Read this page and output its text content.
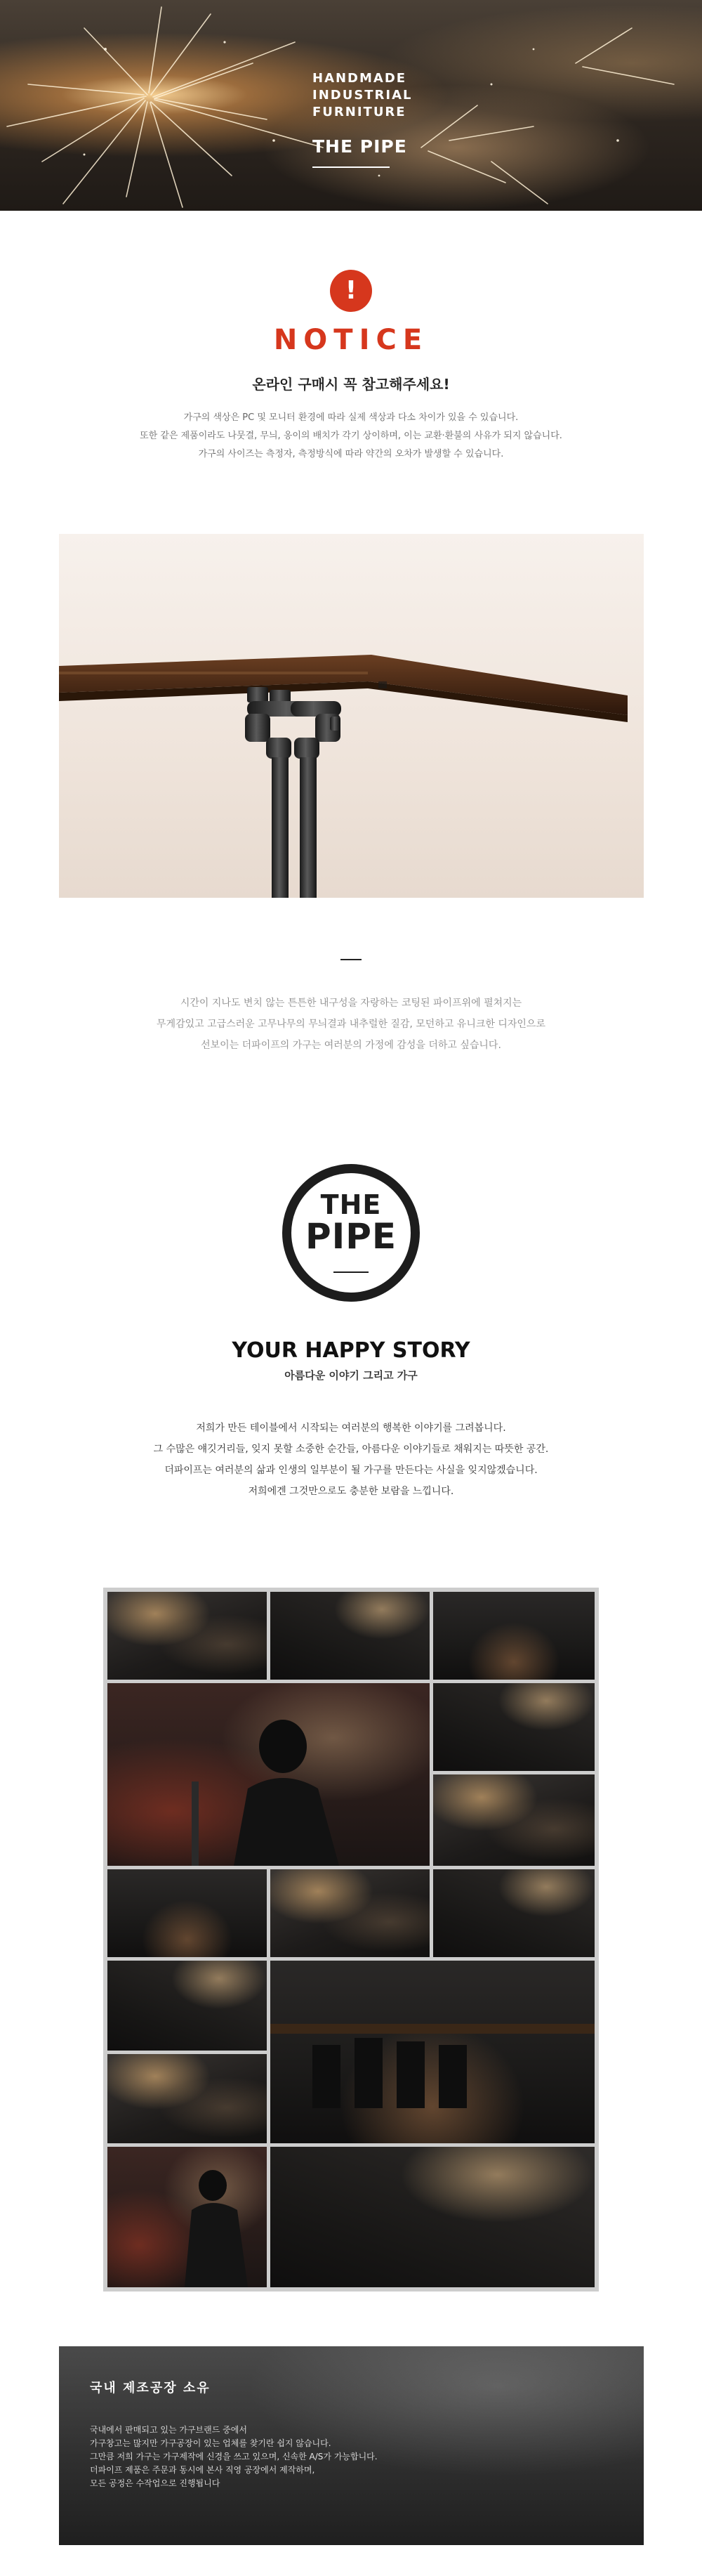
HANDMADE
INDUSTRIAL
FURNITURE
THE PIPE
!
NOTICE
온라인 구매시 꼭 참고해주세요!
가구의 색상은 PC 및 모니터 환경에 따라 실제 색상과 다소 차이가 있을 수 있습니다.
또한 같은 제품이라도 나뭇결, 무늬, 옹이의 배치가 각기 상이하며, 이는 교환·환불의 사유가 되지 않습니다.
가구의 사이즈는 측정자, 측정방식에 따라 약간의 오차가 발생할 수 있습니다.
시간이 지나도 변치 않는 튼튼한 내구성을 자랑하는 코팅된 파이프위에 펼쳐지는
무게감있고 고급스러운 고무나무의 무늬결과 내추럴한 질감, 모던하고 유니크한 디자인으로
선보이는 더파이프의 가구는 여러분의 가정에 감성을 더하고 싶습니다.
THE
PIPE
YOUR HAPPY STORY
아름다운 이야기 그리고 가구
저희가 만든 테이블에서 시작되는 여러분의 행복한 이야기를 그려봅니다.
그 수많은 얘깃거리들, 잊지 못할 소중한 순간들, 아름다운 이야기들로 채워지는 따뜻한 공간.
더파이프는 여러분의 삶과 인생의 일부분이 될 가구를 만든다는 사실을 잊지않겠습니다.
저희에겐 그것만으로도 충분한 보람을 느낍니다.
국내 제조공장 소유
국내에서 판매되고 있는 가구브랜드 중에서
가구창고는 많지만 가구공장이 있는 업체를 찾기란 쉽지 않습니다.
그만큼 저희 가구는 가구제작에 신경을 쓰고 있으며, 신속한 A/S가 가능합니다.
더파이프 제품은 주문과 동시에 본사 직영 공장에서 제작하며,
모든 공정은 수작업으로 진행됩니다
